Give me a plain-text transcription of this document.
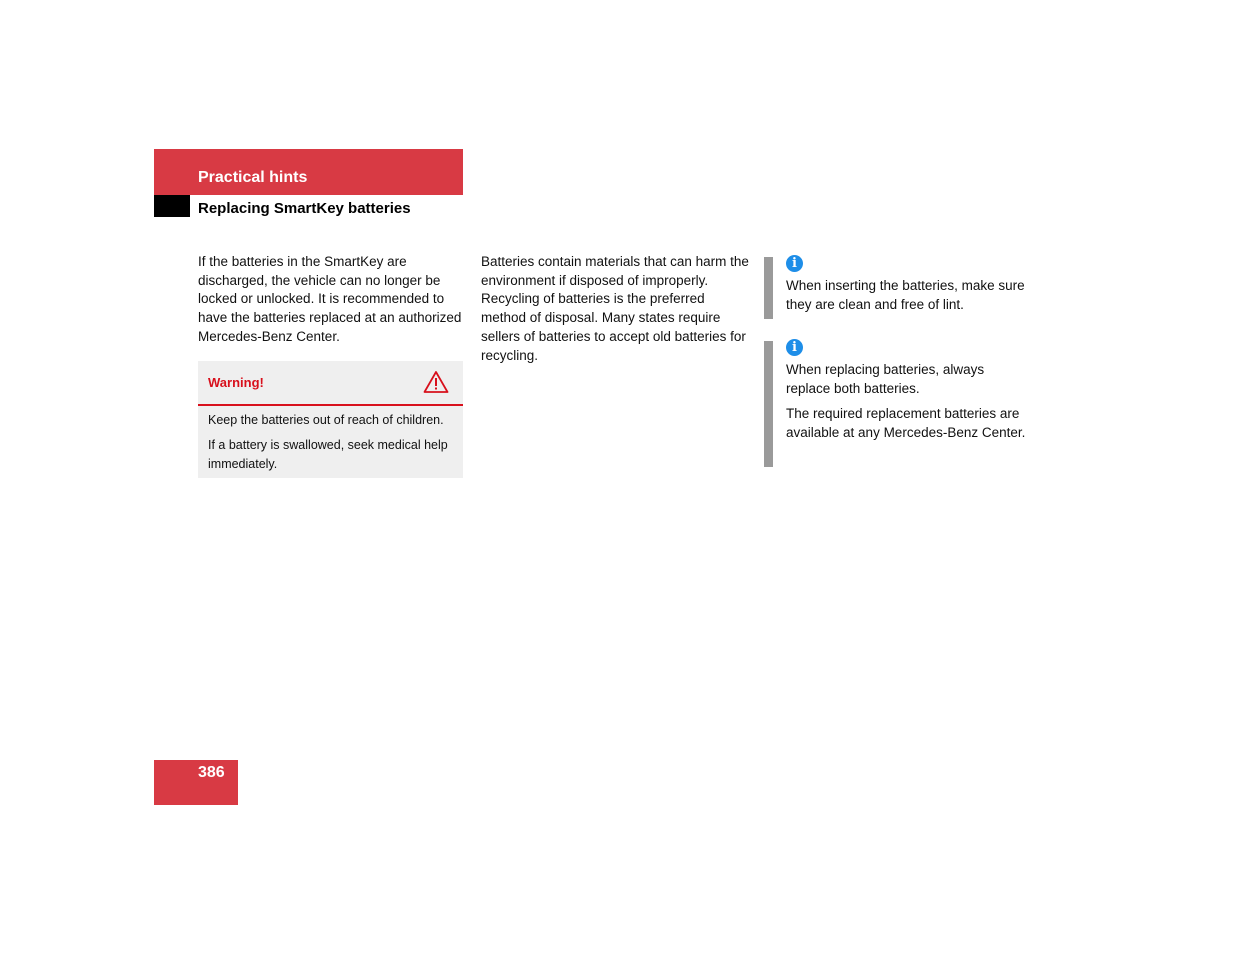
Practical hints
Replacing SmartKey batteries
If the batteries in the SmartKey are discharged, the vehicle can no longer be locked or unlocked. It is recommended to have the batteries replaced at an authorized Mercedes-Benz Center.
Warning!

Keep the batteries out of reach of children.

If a battery is swallowed, seek medical help immediately.

Batteries contain materials that can harm the environment if disposed of improperly. Recycling of batteries is the preferred method of disposal. Many states require sellers of batteries to accept old batteries for recycling.
i

When inserting the batteries, make sure they are clean and free of lint.

i

When replacing batteries, always replace both batteries.

The required replacement batteries are available at any Mercedes-Benz Center.

386
